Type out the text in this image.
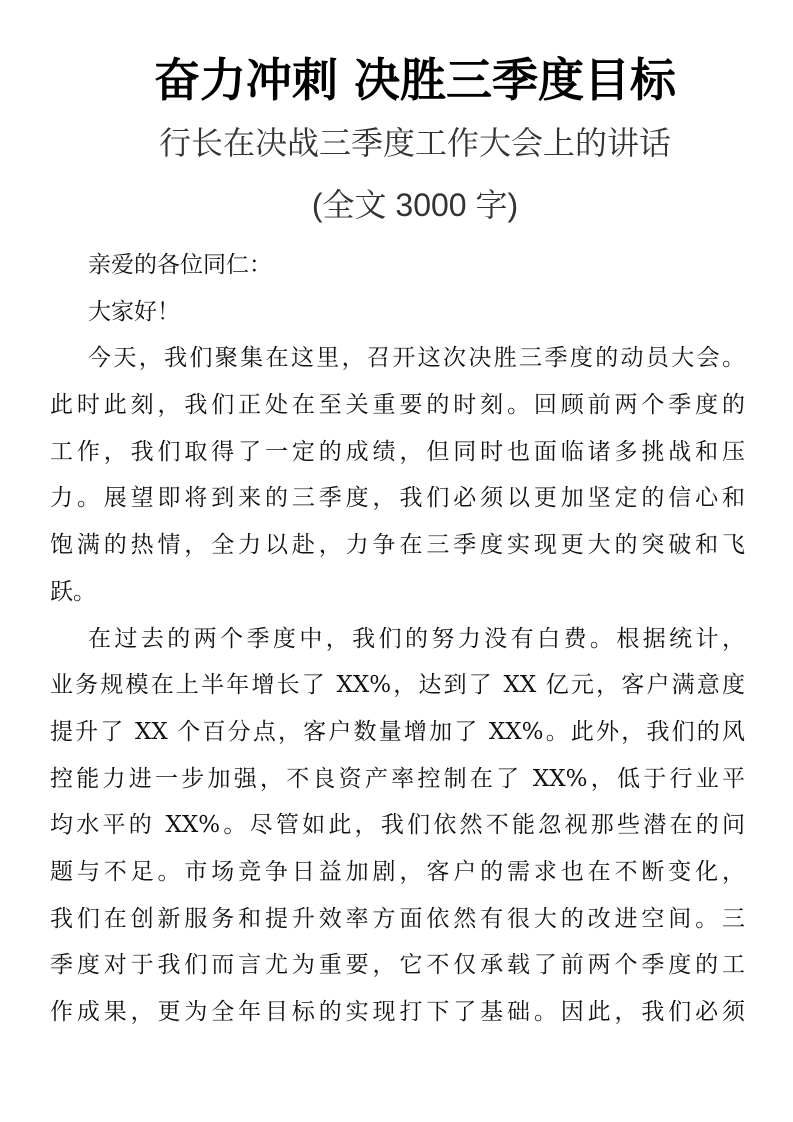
奋力冲刺 决胜三季度目标
行长在决战三季度工作大会上的讲话
(全文 3000 字)
亲爱的各位同仁：
大家好！
今天，我们聚集在这里，召开这次决胜三季度的动员大会。
此时此刻，我们正处在至关重要的时刻。回顾前两个季度的
工作，我们取得了一定的成绩，但同时也面临诸多挑战和压
力。展望即将到来的三季度，我们必须以更加坚定的信心和
饱满的热情，全力以赴，力争在三季度实现更大的突破和飞
跃。
在过去的两个季度中，我们的努力没有白费。根据统计，
业务规模在上半年增长了 XX%，达到了 XX 亿元，客户满意度
提升了 XX 个百分点，客户数量增加了 XX%。此外，我们的风
控能力进一步加强，不良资产率控制在了 XX%，低于行业平
均水平的 XX%。尽管如此，我们依然不能忽视那些潜在的问
题与不足。市场竞争日益加剧，客户的需求也在不断变化，
我们在创新服务和提升效率方面依然有很大的改进空间。三
季度对于我们而言尤为重要，它不仅承载了前两个季度的工
作成果，更为全年目标的实现打下了基础。因此，我们必须
